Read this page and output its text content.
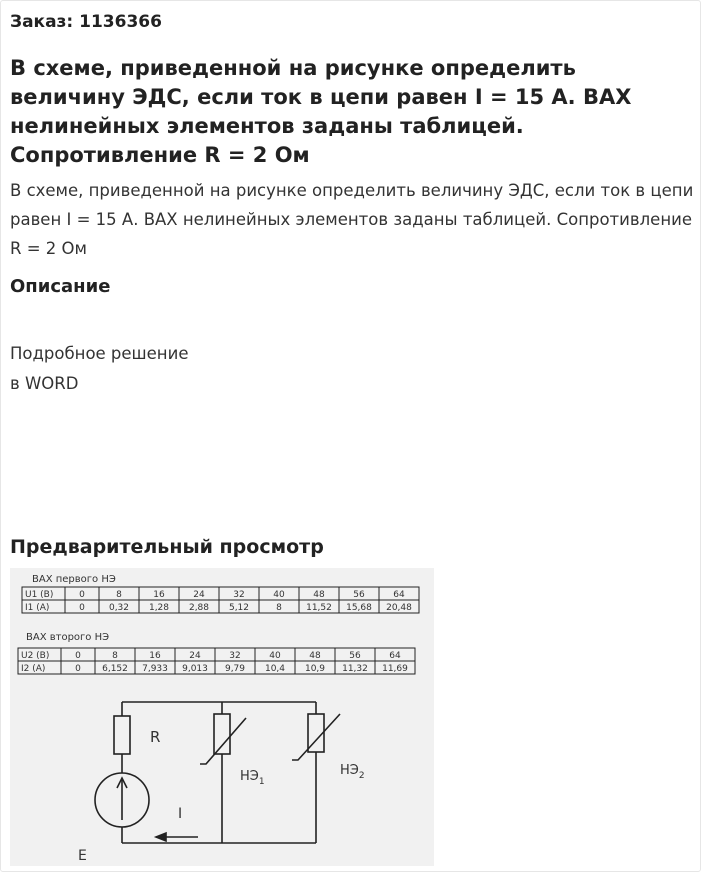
Заказ: 1136366
В схеме, приведенной на рисунке определить величину ЭДС, если ток в цепи равен I = 15 А. ВАХ нелинейных элементов заданы таблицей. Сопротивление R = 2 Ом
В схеме, приведенной на рисунке определить величину ЭДС, если ток в цепи равен I = 15 А. ВАХ нелинейных элементов заданы таблицей. Сопротивление R = 2 Ом
Описание
Подробное решение
в WORD
Предварительный просмотр
ВАХ первого НЭ
U1 (B)	0	8	16	24	32	40	48	56	64
I1 (A)	0	0,32 1,28 2,88 5,12	8	11,52 15,68 20,48
ВАХ второго НЭ
U2 (B)	0	8	16	24	32	40	48	56	64
I2 (A)	0 6,152 7,933 9,013 9,79 10,4 10,9 11,32 11,69
R
$НЭ_1$
$НЭ_2$
I
E
